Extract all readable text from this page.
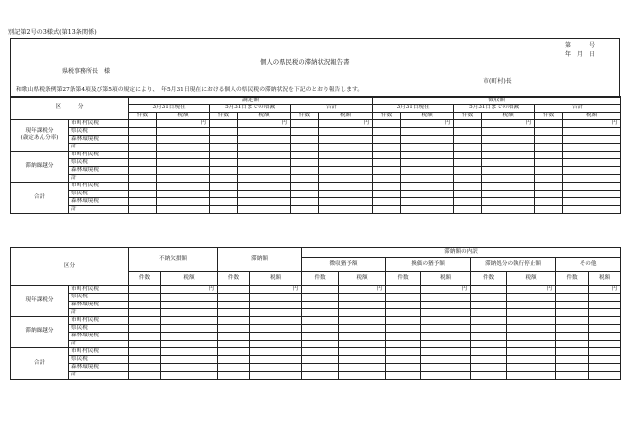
別記第2号の3様式(第13条関係)
第　　　号
年　月　日
個人の県民税の滞納状況報告書
県税事務所長　様
市(町村)長
和歌山県税条例第27条第4項及び第5項の規定により、　年5月31日現在における個人の県民税の滞納状況を下記のとおり報告します。
区　　　分		調定額						徴収額					
		3月31日現在		5月31日までの増減		合計		3月31日現在		5月31日までの増減		合計	
		件数	税額	件数	税額	件数	税額	件数	税額	件数	税額	件数	税額

現年課税分
(歳定あん分率)	市町村民税		円		円		円		円		円		円
	県民税												
	森林環境税												
	計												

滞納繰越分	市町村民税												
	県民税												
	森林環境税												
	計												

合計	市町村民税												
	県民税												
	森林環境税												
	計												
区分		不納欠損額		滞納額		滞納額の内訳							
						徴収猶予額		換価の猶予額		滞納処分の執行停止額		その他	
		件数	税額	件数	税額	件数	税額	件数	税額	件数	税額	件数	税額
現年課税分	市町村民税		円		円		円		円		円		円
	県民税												
	森林環境税												
	計												
滞納繰越分	市町村民税												
	県民税												
	森林環境税												
	計												
合計	市町村民税												
	県民税												
	森林環境税												
	計												
